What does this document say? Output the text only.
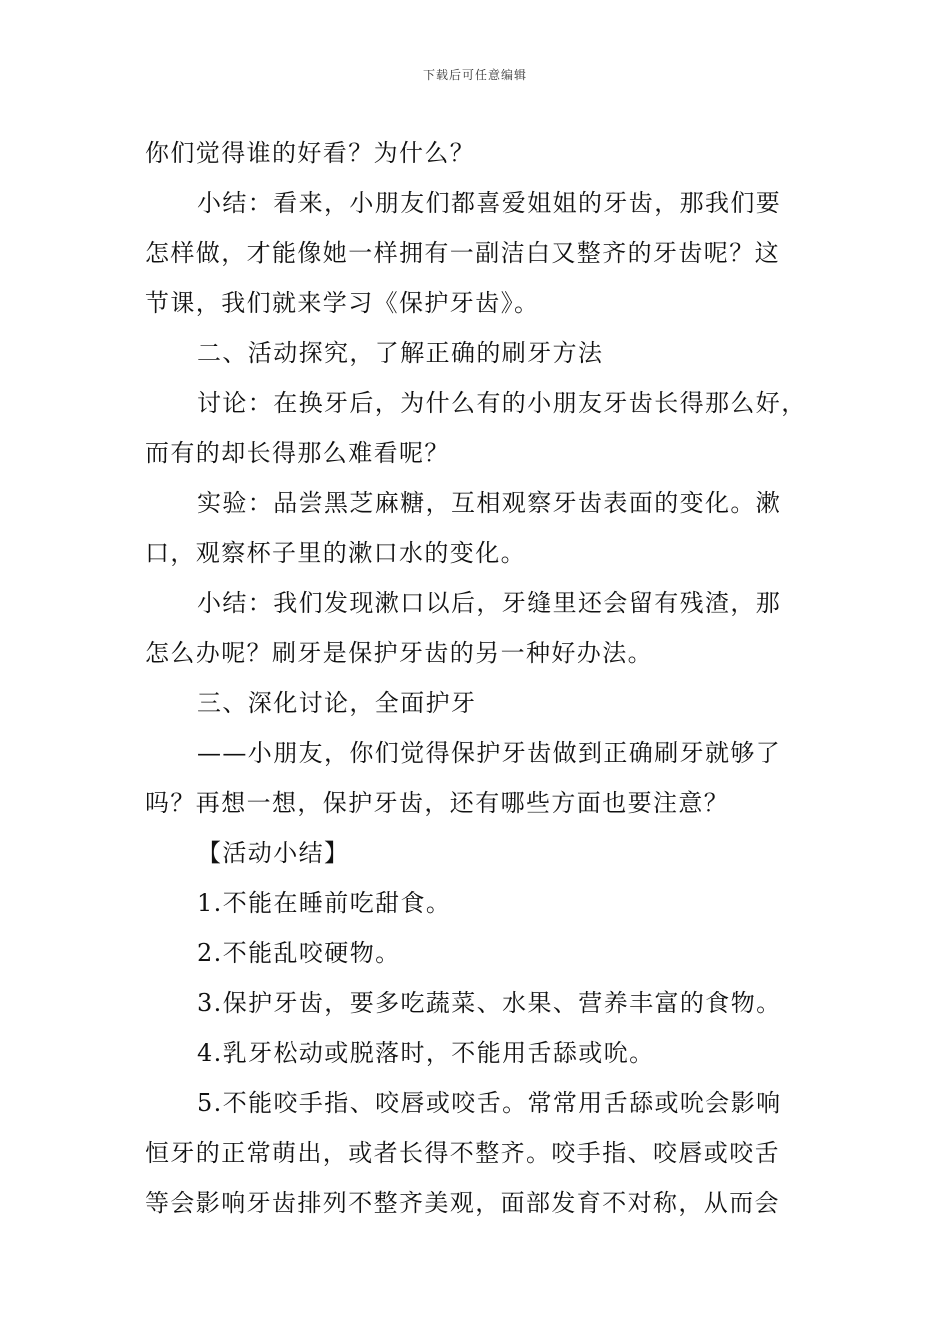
下载后可任意编辑

你们觉得谁的好看？为什么？

小结：看来，小朋友们都喜爱姐姐的牙齿，那我们要

怎样做，才能像她一样拥有一副洁白又整齐的牙齿呢？这

节课，我们就来学习《保护牙齿》。

二、活动探究，了解正确的刷牙方法

讨论：在换牙后，为什么有的小朋友牙齿长得那么好，

而有的却长得那么难看呢？

实验：品尝黑芝麻糖，互相观察牙齿表面的变化。漱

口，观察杯子里的漱口水的变化。

小结：我们发现漱口以后，牙缝里还会留有残渣，那

怎么办呢？刷牙是保护牙齿的另一种好办法。

三、深化讨论，全面护牙

——小朋友，你们觉得保护牙齿做到正确刷牙就够了

吗？再想一想，保护牙齿，还有哪些方面也要注意？

【活动小结】

1.不能在睡前吃甜食。

2.不能乱咬硬物。

3.保护牙齿，要多吃蔬菜、水果、营养丰富的食物。

4.乳牙松动或脱落时，不能用舌舔或吮。

5.不能咬手指、咬唇或咬舌。常常用舌舔或吮会影响

恒牙的正常萌出，或者长得不整齐。咬手指、咬唇或咬舌

等会影响牙齿排列不整齐美观，面部发育不对称，从而会
